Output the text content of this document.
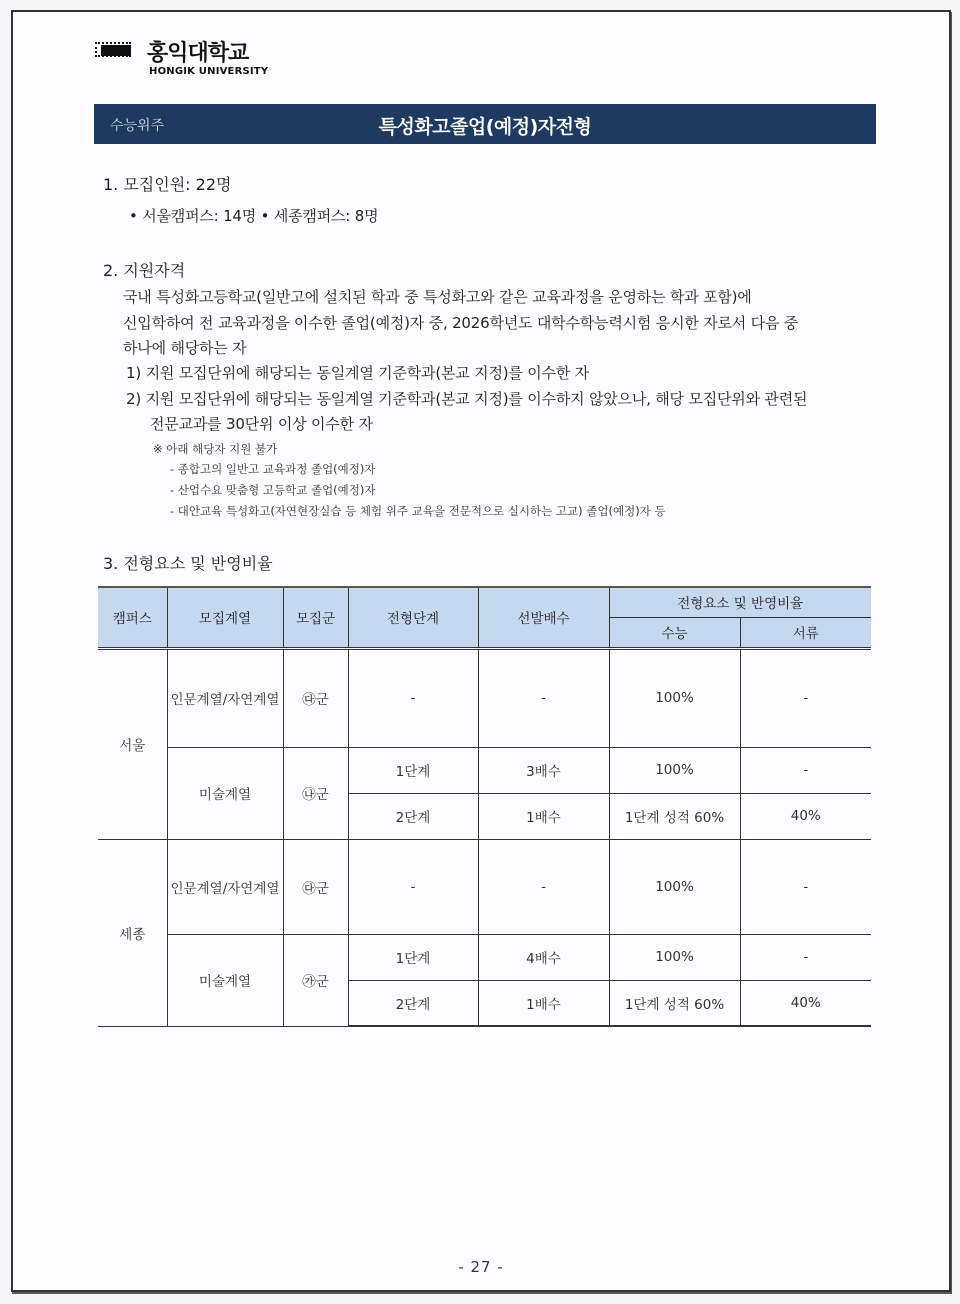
홍익대학교
HONGIK UNIVERSITY
수능위주	특성화고졸업(예정)자전형
1. 모집인원: 22명
• 서울캠퍼스: 14명 • 세종캠퍼스: 8명
2. 지원자격
국내 특성화고등학교(일반고에 설치된 학과 중 특성화고와 같은 교육과정을 운영하는 학과 포함)에
신입학하여 전 교육과정을 이수한 졸업(예정)자 중, 2026학년도 대학수학능력시험 응시한 자로서 다음 중
하나에 해당하는 자
1) 지원 모집단위에 해당되는 동일계열 기준학과(본교 지정)를 이수한 자
2) 지원 모집단위에 해당되는 동일계열 기준학과(본교 지정)를 이수하지 않았으나, 해당 모집단위와 관련된
전문교과를 30단위 이상 이수한 자
※ 아래 해당자 지원 불가
- 종합고의 일반고 교육과정 졸업(예정)자
- 산업수요 맞춤형 고등학교 졸업(예정)자
- 대안교육 특성화고(자연현장실습 등 체험 위주 교육을 전문적으로 실시하는 고교) 졸업(예정)자 등
3. 전형요소 및 반영비율
캠퍼스	모집계열	모집군	전형단계	선발배수	전형요소 및 반영비율	
					수능	서류
서울	인문계열/자연계열	㉰군	-	-	100%	-
	미술계열	㉯군	1단계	3배수	100%	-
			2단계	1배수	1단계 성적 60%	40%
세종	인문계열/자연계열	㉰군	-	-	100%	-
	미술계열	㉮군	1단계	4배수	100%	-
			2단계	1배수	1단계 성적 60%	40%
- 27 -
